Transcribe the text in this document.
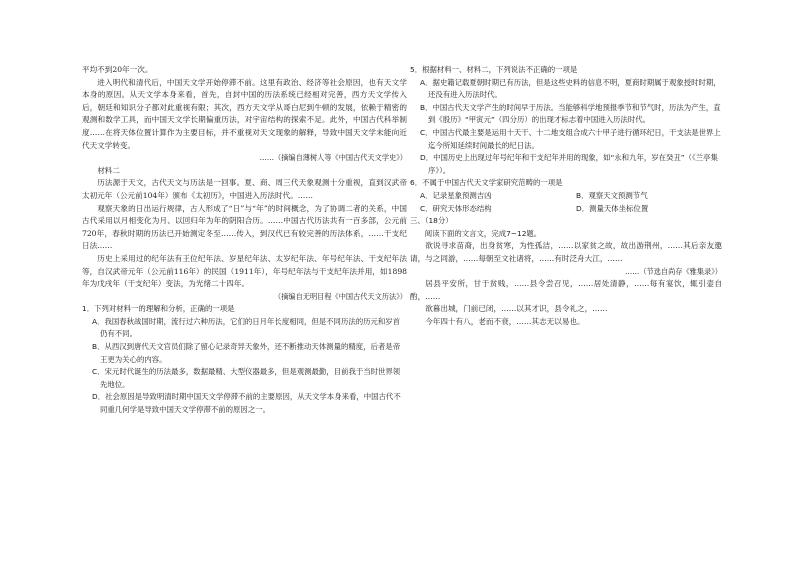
平均不到20年一次。

进入明代和清代后，中国天文学开始停滞不前。这里有政治、经济等社会原因，也有天文学本身的原因。从天文学本身来看，首先，自封中国的历法系统已经相对完善，西方天文学传入后，朝廷和知识分子都对此重视有限；其次，西方天文学从哥白尼到牛顿的发展，依赖于精密的观测和数学工具，而中国天文学长期偏重历法，对宇宙结构的探索不足。此外，中国古代科举制度……在将天体位置计算作为主要目标，并不重视对天文现象的解释，导致中国天文学未能向近代天文学转变。

……（摘编自薄树人等《中国古代天文学史》）

材料二

历法源于天文，古代天文与历法是一回事。夏、商、周三代天象观测十分重视，直到汉武帝太初元年（公元前104年）颁布《太初历》，中国进入历法时代。……

观察天象的日出运行规律，古人形成了“日”与“年”的时间概念，为了协调二者的关系，中国古代采用以月相变化为月、以回归年为年的阴阳合历。……中国古代历法共有一百多部，公元前720年，春秋时期的历法已开始测定冬至……传入，到汉代已有较完善的历法体系，……干支纪日法……

历史上采用过的纪年法有王位纪年法、岁星纪年法、太岁纪年法、年号纪年法、干支纪年法等，自汉武帝元年（公元前116年）的民国（1911年），年号纪年法与干支纪年法并用，如1898年为戊戌年（干支纪年）变法，为光绪二十四年。

（摘编自无明目程《中国古代天文历法》）

1．下列对材料一的理解和分析，正确的一项是

A．我国春秋战国时期，流行过六种历法，它们的日月年长度相同，但是不同历法的历元和岁首仍有不同。

B．从西汉到唐代天文官员们除了留心记录奇异天象外，还不断推动天体测量的精度，后者是帝王更为关心的内容。

C．宋元时代诞生的历法最多，数据最精、大型仪器最多，但是观测最勤，目前我于当时世界领先地位。

D．社会原因是导致明清时期中国天文学停滞不前的主要原因，从天文学本身来看，中国古代不同重几何学是导致中国天文学停滞不前的原因之一。

5．根据材料一、材料二，下列说法不正确的一项是

A．据史籍记载夏朝时期已有历法，但是这些史料的信息不明，夏商时期属于观象授时时期，还没有进入历法时代。

B．中国古代天文学产生的时间早于历法。当能够科学地预报季节和节气时，历法为产生，直到《殷历》“甲寅元”（四分历）的出现才标志着中国进入历法时代。

C．中国古代最主要是运用十天干、十二地支组合成六十甲子进行循环纪日，干支法是世界上迄今所知延续时间最长的纪日法。

D．中国历史上出现过年号纪年和干支纪年并用的现象，如“永和九年，岁在癸丑”（《兰亭集序》）。

6．不属于中国古代天文学家研究范畴的一项是

A．记录星象预测吉凶	B．观察天文预测节气
C．研究天体形态结构	D．测量天体坐标位置

三、（18分）

阅读下面的文言文，完成7~12题。

欲说寻求苗裔，出身贫寒，为性孤洁，……以家贫之故，故出游荆州，……其后亲友邀请，与之同游，……每朝至文社诸将，……有时泛舟大江，……

……（节选自尚存《雅集录》）

居县平安所，甘于贫贱，……县令尝召见，……居处清静，……每有宴饮，辄引壶自酌，……

欲暮出城，门前已闭，……以其才识，县令礼之，……

今年四十有八，老而不衰，……其志无以易也。
